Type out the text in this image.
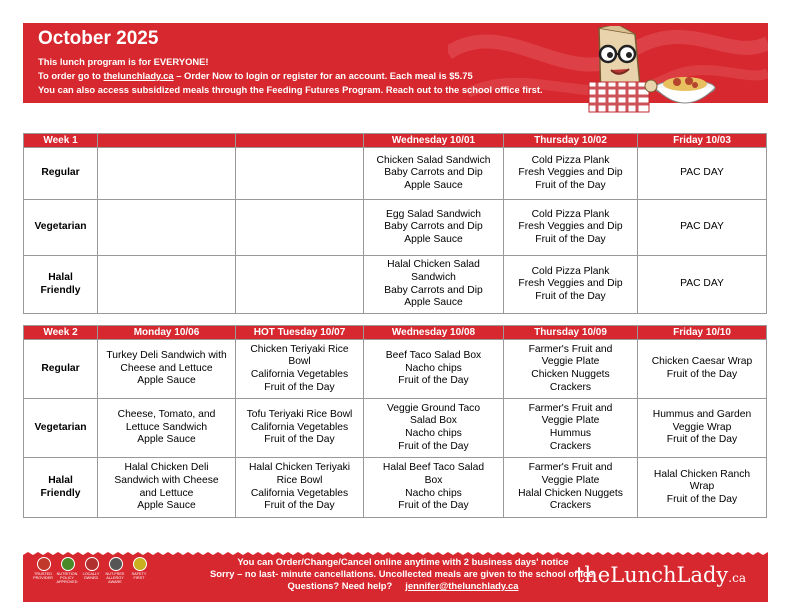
October 2025
This lunch program is for EVERYONE!
To order go to thelunchlady.ca – Order Now to login or register for an account. Each meal is $5.75
You can also access subsidized meals through the Feeding Futures Program. Reach out to the school office first.
Week 1			Wednesday 10/01	Thursday 10/02	Friday 10/03
Regular			Chicken Salad Sandwich
Baby Carrots and Dip
Apple Sauce	Cold Pizza Plank
Fresh Veggies and Dip
Fruit of the Day	PAC DAY
Vegetarian			Egg Salad Sandwich
Baby Carrots and Dip
Apple Sauce	Cold Pizza Plank
Fresh Veggies and Dip
Fruit of the Day	PAC DAY
Halal
Friendly			Halal Chicken Salad
Sandwich
Baby Carrots and Dip
Apple Sauce	Cold Pizza Plank
Fresh Veggies and Dip
Fruit of the Day	PAC DAY
Week 2	Monday 10/06	HOT Tuesday 10/07	Wednesday 10/08	Thursday 10/09	Friday 10/10
Regular	Turkey Deli Sandwich with
Cheese and Lettuce
Apple Sauce	Chicken Teriyaki Rice
Bowl
California Vegetables
Fruit of the Day	Beef Taco Salad Box
Nacho chips
Fruit of the Day	Farmer's Fruit and
Veggie Plate
Chicken Nuggets
Crackers	Chicken Caesar Wrap
Fruit of the Day
Vegetarian	Cheese, Tomato, and
Lettuce Sandwich
Apple Sauce	Tofu Teriyaki Rice Bowl
California Vegetables
Fruit of the Day	Veggie Ground Taco
Salad Box
Nacho chips
Fruit of the Day	Farmer's Fruit and
Veggie Plate
Hummus
Crackers	Hummus and Garden
Veggie Wrap
Fruit of the Day
Halal
Friendly	Halal Chicken Deli
Sandwich with Cheese
and Lettuce
Apple Sauce	Halal Chicken Teriyaki
Rice Bowl
California Vegetables
Fruit of the Day	Halal Beef Taco Salad
Box
Nacho chips
Fruit of the Day	Farmer's Fruit and
Veggie Plate
Halal Chicken Nuggets
Crackers	Halal Chicken Ranch
Wrap
Fruit of the Day
TRUSTED
PROVIDER
NUTRITION
POLICY APPROVED
LOCALLY
OWNED
NUT-FREE
ALLERGY AWARE
SAFETY
FIRST
You can Order/Change/Cancel online anytime with 2 business days' notice
Sorry – no last- minute cancellations. Uncollected meals are given to the school office.
Questions? Need help?     jennifer@thelunchlady.ca	theLunchLady.ca
